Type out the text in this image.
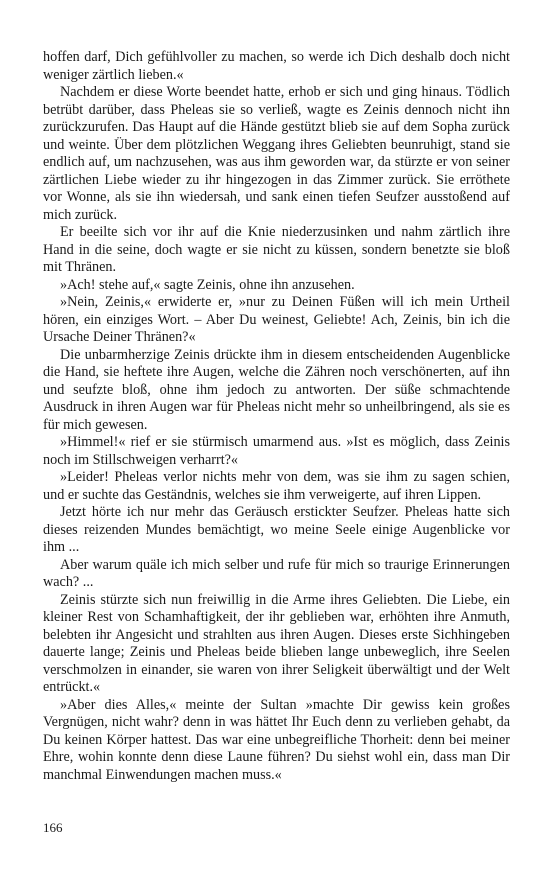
hoffen darf, Dich gefühlvoller zu machen, so werde ich Dich deshalb doch nicht weniger zärtlich lieben.«

Nachdem er diese Worte beendet hatte, erhob er sich und ging hinaus. Tödlich betrübt darüber, dass Pheleas sie so verließ, wagte es Zeinis dennoch nicht ihn zurückzurufen. Das Haupt auf die Hände gestützt blieb sie auf dem Sopha zurück und weinte. Über dem plötzlichen Weggang ihres Geliebten beunruhigt, stand sie endlich auf, um nachzusehen, was aus ihm geworden war, da stürzte er von seiner zärtlichen Liebe wieder zu ihr hingezogen in das Zimmer zurück. Sie erröthete vor Wonne, als sie ihn wiedersah, und sank einen tiefen Seufzer ausstoßend auf mich zurück.

Er beeilte sich vor ihr auf die Knie niederzusinken und nahm zärtlich ihre Hand in die seine, doch wagte er sie nicht zu küssen, sondern benetzte sie bloß mit Thränen.

»Ach! stehe auf,« sagte Zeinis, ohne ihn anzusehen.

»Nein, Zeinis,« erwiderte er, »nur zu Deinen Füßen will ich mein Urtheil hören, ein einziges Wort. – Aber Du weinest, Geliebte! Ach, Zeinis, bin ich die Ursache Deiner Thränen?«

Die unbarmherzige Zeinis drückte ihm in diesem entscheidenden Augenblicke die Hand, sie heftete ihre Augen, welche die Zähren noch verschönerten, auf ihn und seufzte bloß, ohne ihm jedoch zu antworten. Der süße schmachtende Ausdruck in ihren Augen war für Pheleas nicht mehr so unheilbringend, als sie es für mich gewesen.

»Himmel!« rief er sie stürmisch umarmend aus. »Ist es möglich, dass Zeinis noch im Stillschweigen verharrt?«

»Leider! Pheleas verlor nichts mehr von dem, was sie ihm zu sagen schien, und er suchte das Geständnis, welches sie ihm verweigerte, auf ihren Lippen.

Jetzt hörte ich nur mehr das Geräusch erstickter Seufzer. Pheleas hatte sich dieses reizenden Mundes bemächtigt, wo meine Seele einige Augenblicke vor ihm ...

Aber warum quäle ich mich selber und rufe für mich so traurige Erinnerungen wach? ...

Zeinis stürzte sich nun freiwillig in die Arme ihres Geliebten. Die Liebe, ein kleiner Rest von Schamhaftigkeit, der ihr geblieben war, erhöhten ihre Anmuth, belebten ihr Angesicht und strahlten aus ihren Augen. Dieses erste Sichhingeben dauerte lange; Zeinis und Pheleas beide blieben lange unbeweglich, ihre Seelen verschmolzen in einander, sie waren von ihrer Seligkeit überwältigt und der Welt entrückt.«

»Aber dies Alles,« meinte der Sultan »machte Dir gewiss kein großes Vergnügen, nicht wahr? denn in was hättet Ihr Euch denn zu verlieben gehabt, da Du keinen Körper hattest. Das war eine unbegreifliche Thorheit: denn bei meiner Ehre, wohin konnte denn diese Laune führen? Du siehst wohl ein, dass man Dir manchmal Einwendungen machen muss.«

166
